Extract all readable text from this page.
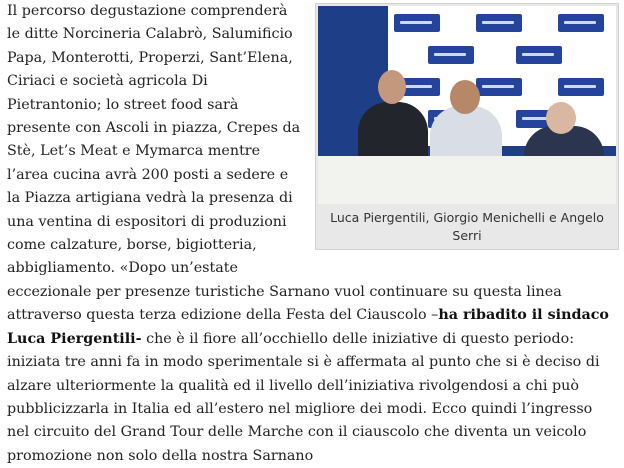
Luca Piergentili, Giorgio Menichelli e Angelo Serri

Il percorso degustazione comprenderà le ditte Norcineria Calabrò, Salumificio Papa, Monterotti, Properzi, Sant’Elena, Ciriaci e società agricola Di Pietrantonio; lo street food sarà presente con Ascoli in piazza, Crepes da Stè, Let’s Meat e Mymarca mentre l’area cucina avrà 200 posti a sedere e la Piazza artigiana vedrà la presenza di una ventina di espositori di produzioni come calzature, borse, bigiotteria, abbigliamento. «Dopo un’estate eccezionale per presenze turistiche Sarnano vuol continuare su questa linea attraverso questa terza edizione della Festa del Ciauscolo –ha ribadito il sindaco Luca Piergentili- che è il fiore all’occhiello delle iniziative di questo periodo: iniziata tre anni fa in modo sperimentale si è affermata al punto che si è deciso di alzare ulteriormente la qualità ed il livello dell’iniziativa rivolgendosi a chi può pubblicizzarla in Italia ed all’estero nel migliore dei modi. Ecco quindi l’ingresso nel circuito del Grand Tour delle Marche con il ciauscolo che diventa un veicolo promozione non solo della nostra Sarnano
